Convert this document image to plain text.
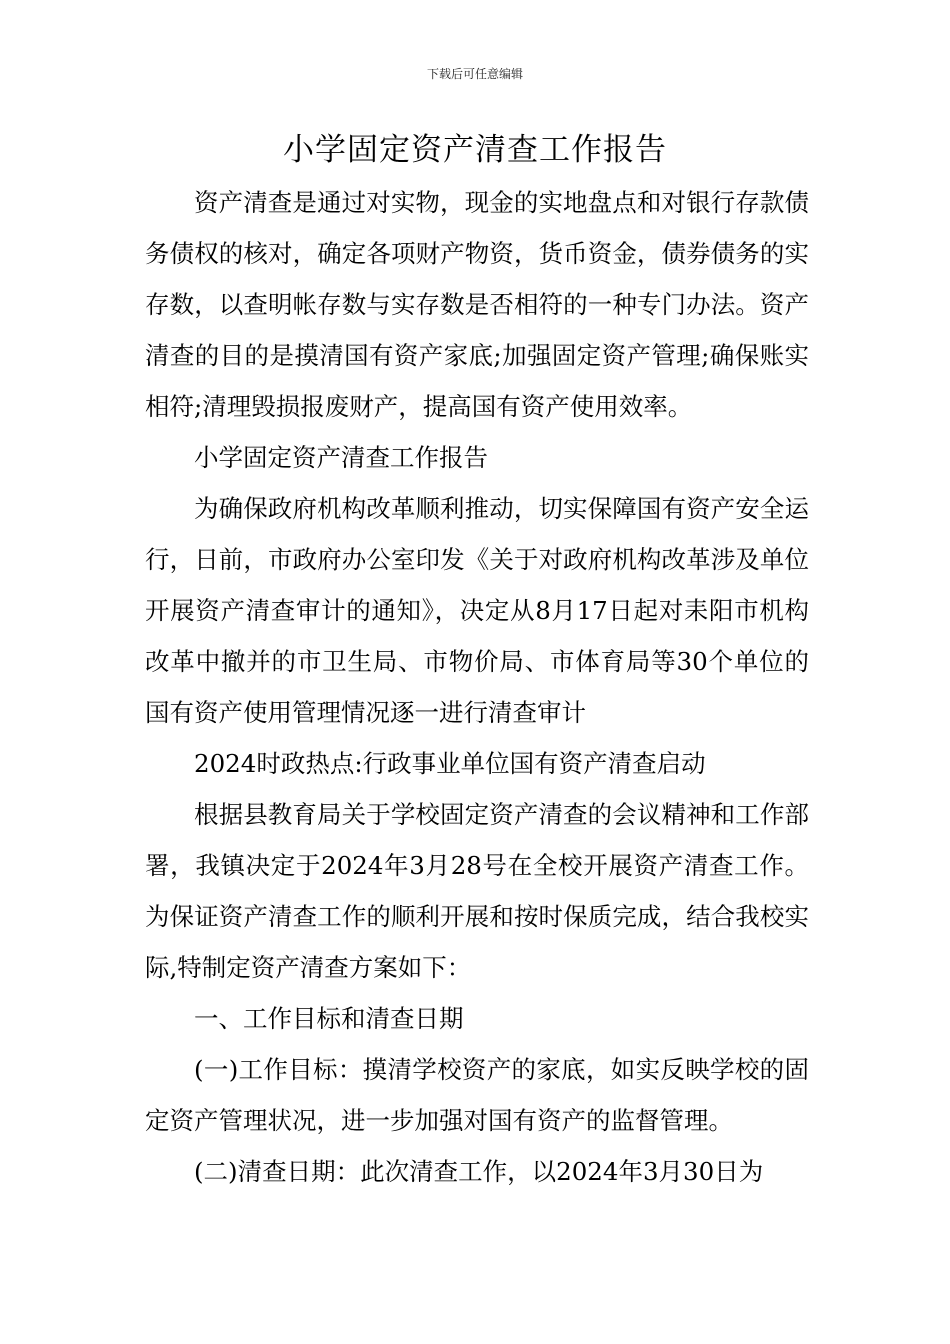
下载后可任意编辑
小学固定资产清查工作报告

资产清查是通过对实物，现金的实地盘点和对银行存款债务债权的核对，确定各项财产物资，货币资金，债券债务的实存数，以查明帐存数与实存数是否相符的一种专门办法。资产清查的目的是摸清国有资产家底;加强固定资产管理;确保账实相符;清理毁损报废财产，提高国有资产使用效率。

小学固定资产清查工作报告

为确保政府机构改革顺利推动，切实保障国有资产安全运行，日前，市政府办公室印发《关于对政府机构改革涉及单位开展资产清查审计的通知》，决定从8月17日起对耒阳市机构改革中撤并的市卫生局、市物价局、市体育局等30个单位的国有资产使用管理情况逐一进行清查审计

2024时政热点:行政事业单位国有资产清查启动

根据县教育局关于学校固定资产清查的会议精神和工作部署，我镇决定于2024年3月28号在全校开展资产清查工作。为保证资产清查工作的顺利开展和按时保质完成，结合我校实际,特制定资产清查方案如下：

一、工作目标和清查日期

(一)工作目标：摸清学校资产的家底，如实反映学校的固定资产管理状况，进一步加强对国有资产的监督管理。

(二)清查日期：此次清查工作，以2024年3月30日为
